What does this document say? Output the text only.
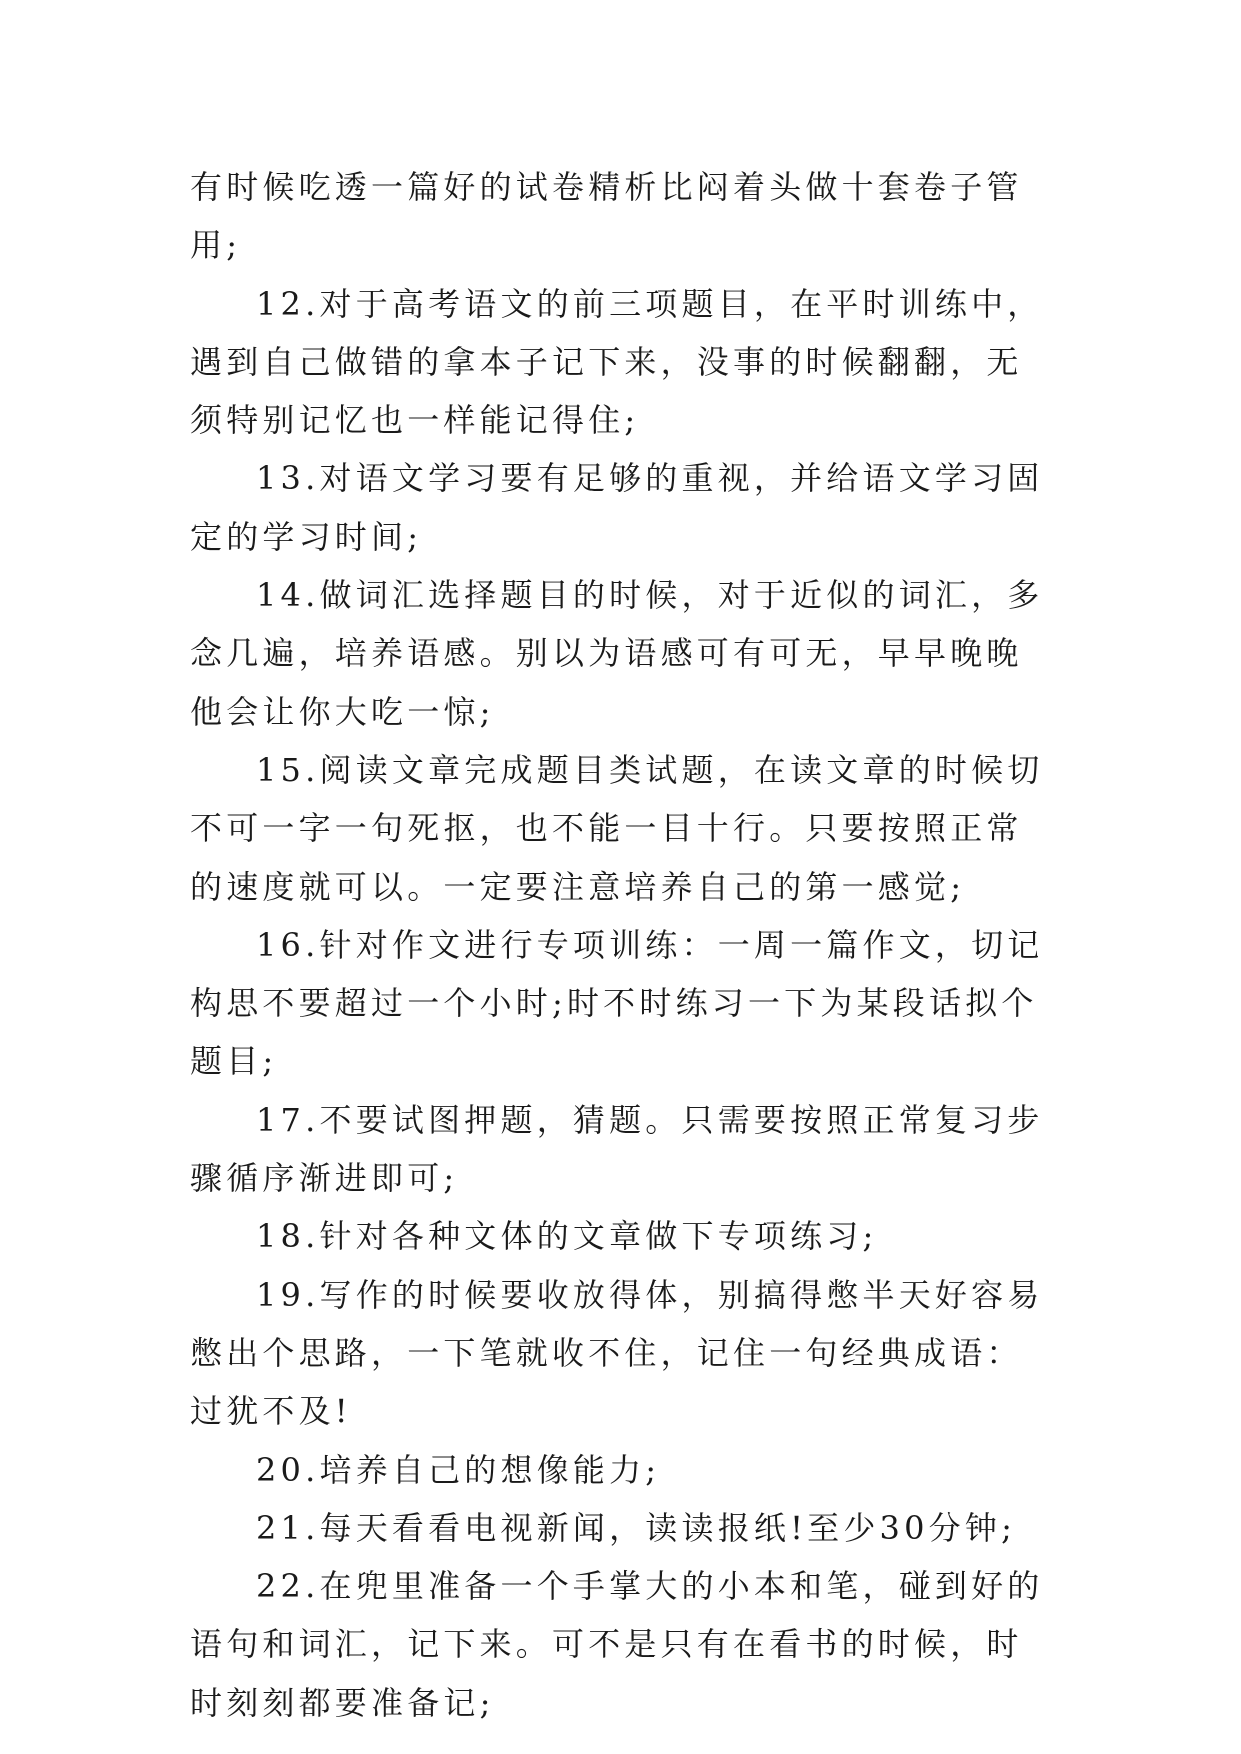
有时候吃透一篇好的试卷精析比闷着头做十套卷子管用;

12.对于高考语文的前三项题目，在平时训练中，遇到自己做错的拿本子记下来，没事的时候翻翻，无须特别记忆也一样能记得住;

13.对语文学习要有足够的重视，并给语文学习固定的学习时间;

14.做词汇选择题目的时候，对于近似的词汇，多念几遍，培养语感。别以为语感可有可无，早早晚晚他会让你大吃一惊;

15.阅读文章完成题目类试题，在读文章的时候切不可一字一句死抠，也不能一目十行。只要按照正常的速度就可以。一定要注意培养自己的第一感觉;

16.针对作文进行专项训练：一周一篇作文，切记构思不要超过一个小时;时不时练习一下为某段话拟个题目;

17.不要试图押题，猜题。只需要按照正常复习步骤循序渐进即可;

18.针对各种文体的文章做下专项练习;

19.写作的时候要收放得体，别搞得憋半天好容易憋出个思路，一下笔就收不住，记住一句经典成语：过犹不及!

20.培养自己的想像能力;

21.每天看看电视新闻，读读报纸!至少30分钟;

22.在兜里准备一个手掌大的小本和笔，碰到好的语句和词汇，记下来。可不是只有在看书的时候，时时刻刻都要准备记;
